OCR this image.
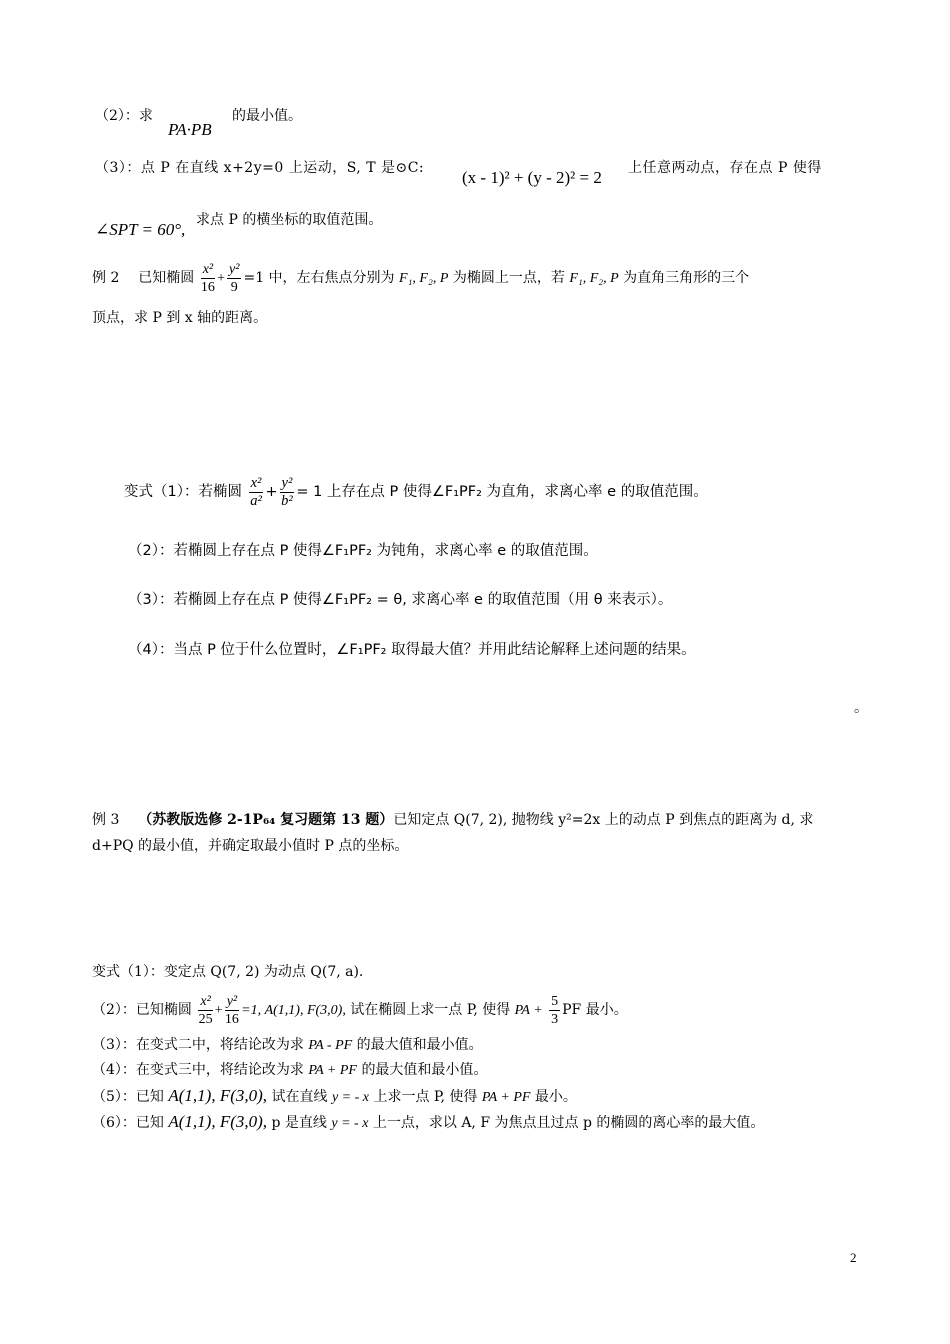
（2）：求
PA·PB
的最小值。
（3）：点 P 在直线 x+2y=0 上运动，S, T 是⊙C: (x - 1)² + (y - 2)² = 2 上任意两动点，存在点 P 使得
∠SPT = 60°, 求点 P 的横坐标的取值范围。
例 2 已知椭圆 $\frac{\text{x²}}{16} + \frac{\text{y²}}{9} =1$ 中，左右焦点分别为 F₁, F₂, P 为椭圆上一点，若 F₁, F₂, P 为直角三角形的三个
顶点，求 P 到 x 轴的距离。
变式（1）：若椭圆 $\frac{\text{x²}}{\text{a²}} + \frac{\text{y²}}{\text{b²}} = 1$ 上存在点 P 使得∠F₁PF₂ 为直角，求离心率 e 的取值范围。
（2）：若椭圆上存在点 P 使得∠F₁PF₂ 为钝角，求离心率 e 的取值范围。
（3）：若椭圆上存在点 P 使得∠F₁PF₂ = θ, 求离心率 e 的取值范围（用 θ 来表示）。
（4）：当点 P 位于什么位置时，∠F₁PF₂ 取得最大值？并用此结论解释上述问题的结果。
。
例 3 （苏教版选修 2-1P₆₄ 复习题第 13 题）已知定点 Q(7, 2), 抛物线 y²=2x 上的动点 P 到焦点的距离为 d, 求
d+PQ 的最小值，并确定取最小值时 P 点的坐标。
变式（1）：变定点 Q(7, 2) 为动点 Q(7, a).
（2）：已知椭圆 $\frac{\text{x²}}{25} + \frac{\text{y²}}{16} =1$, A(1,1), F(3,0), 试在椭圆上求一点 P, 使得 PA + $\frac{5}{3}$ PF 最小。
（3）：在变式二中，将结论改为求 PA - PF 的最大值和最小值。
（4）：在变式三中，将结论改为求 PA + PF 的最大值和最小值。
（5）：已知 A(1,1), F(3,0), 试在直线 y = - x 上求一点 P, 使得 PA + PF 最小。
（6）：已知 A(1,1), F(3,0), p 是直线 y = - x 上一点，求以 A, F 为焦点且过点 p 的椭圆的离心率的最大值。
2
